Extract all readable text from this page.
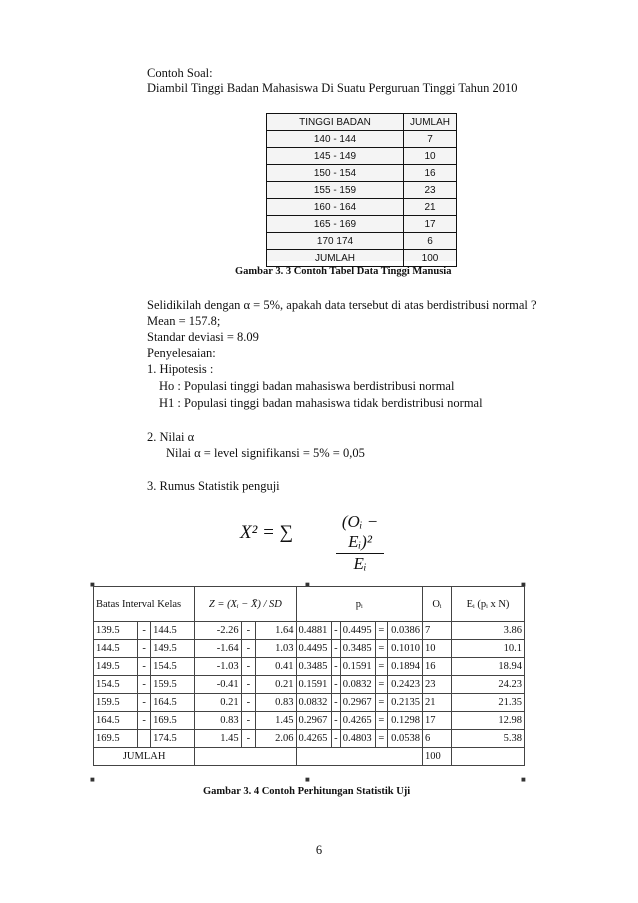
Contoh Soal:
Diambil Tinggi Badan Mahasiswa Di Suatu Perguruan Tinggi Tahun 2010
TINGGI BADAN	JUMLAH
140 - 144	7
145 - 149	10
150 - 154	16
155 - 159	23
160 - 164	21
165 - 169	17
170 174	6
JUMLAH	100
Gambar 3. 3 Contoh Tabel Data Tinggi Manusia
Selidikilah dengan α = 5%, apakah data tersebut di atas berdistribusi normal ?
Mean = 157.8;
Standar deviasi = 8.09
Penyelesaian:
1. Hipotesis :
Ho : Populasi tinggi badan mahasiswa berdistribusi normal
H1 : Populasi tinggi badan mahasiswa tidak berdistribusi normal
2. Nilai α
Nilai α = level signifikansi = 5% = 0,05
3. Rumus Statistik penguji
X² = ∑	$\frac{\text{(Oᵢ − Eᵢ)²}}{\text{Eᵢ}}$
■	■	■
■	■	■
Batas Interval Kelas			Z = (Xᵢ − X̄) / SD			pᵢ					Oᵢ	Eᵢ (pᵢ x N)
139.5	-	144.5	-2.26	-	1.64	0.4881	-	0.4495	=	0.0386	7	3.86
144.5	-	149.5	-1.64	-	1.03	0.4495	-	0.3485	=	0.1010	10	10.1
149.5	-	154.5	-1.03	-	0.41	0.3485	-	0.1591	=	0.1894	16	18.94
154.5	-	159.5	-0.41	-	0.21	0.1591	-	0.0832	=	0.2423	23	24.23
159.5	-	164.5	0.21	-	0.83	0.0832	-	0.2967	=	0.2135	21	21.35
164.5	-	169.5	0.83	-	1.45	0.2967	-	0.4265	=	0.1298	17	12.98
169.5		174.5	1.45	-	2.06	0.4265	-	0.4803	=	0.0538	6	5.38
JUMLAH											100	
Gambar 3. 4 Contoh Perhitungan Statistik Uji
6
